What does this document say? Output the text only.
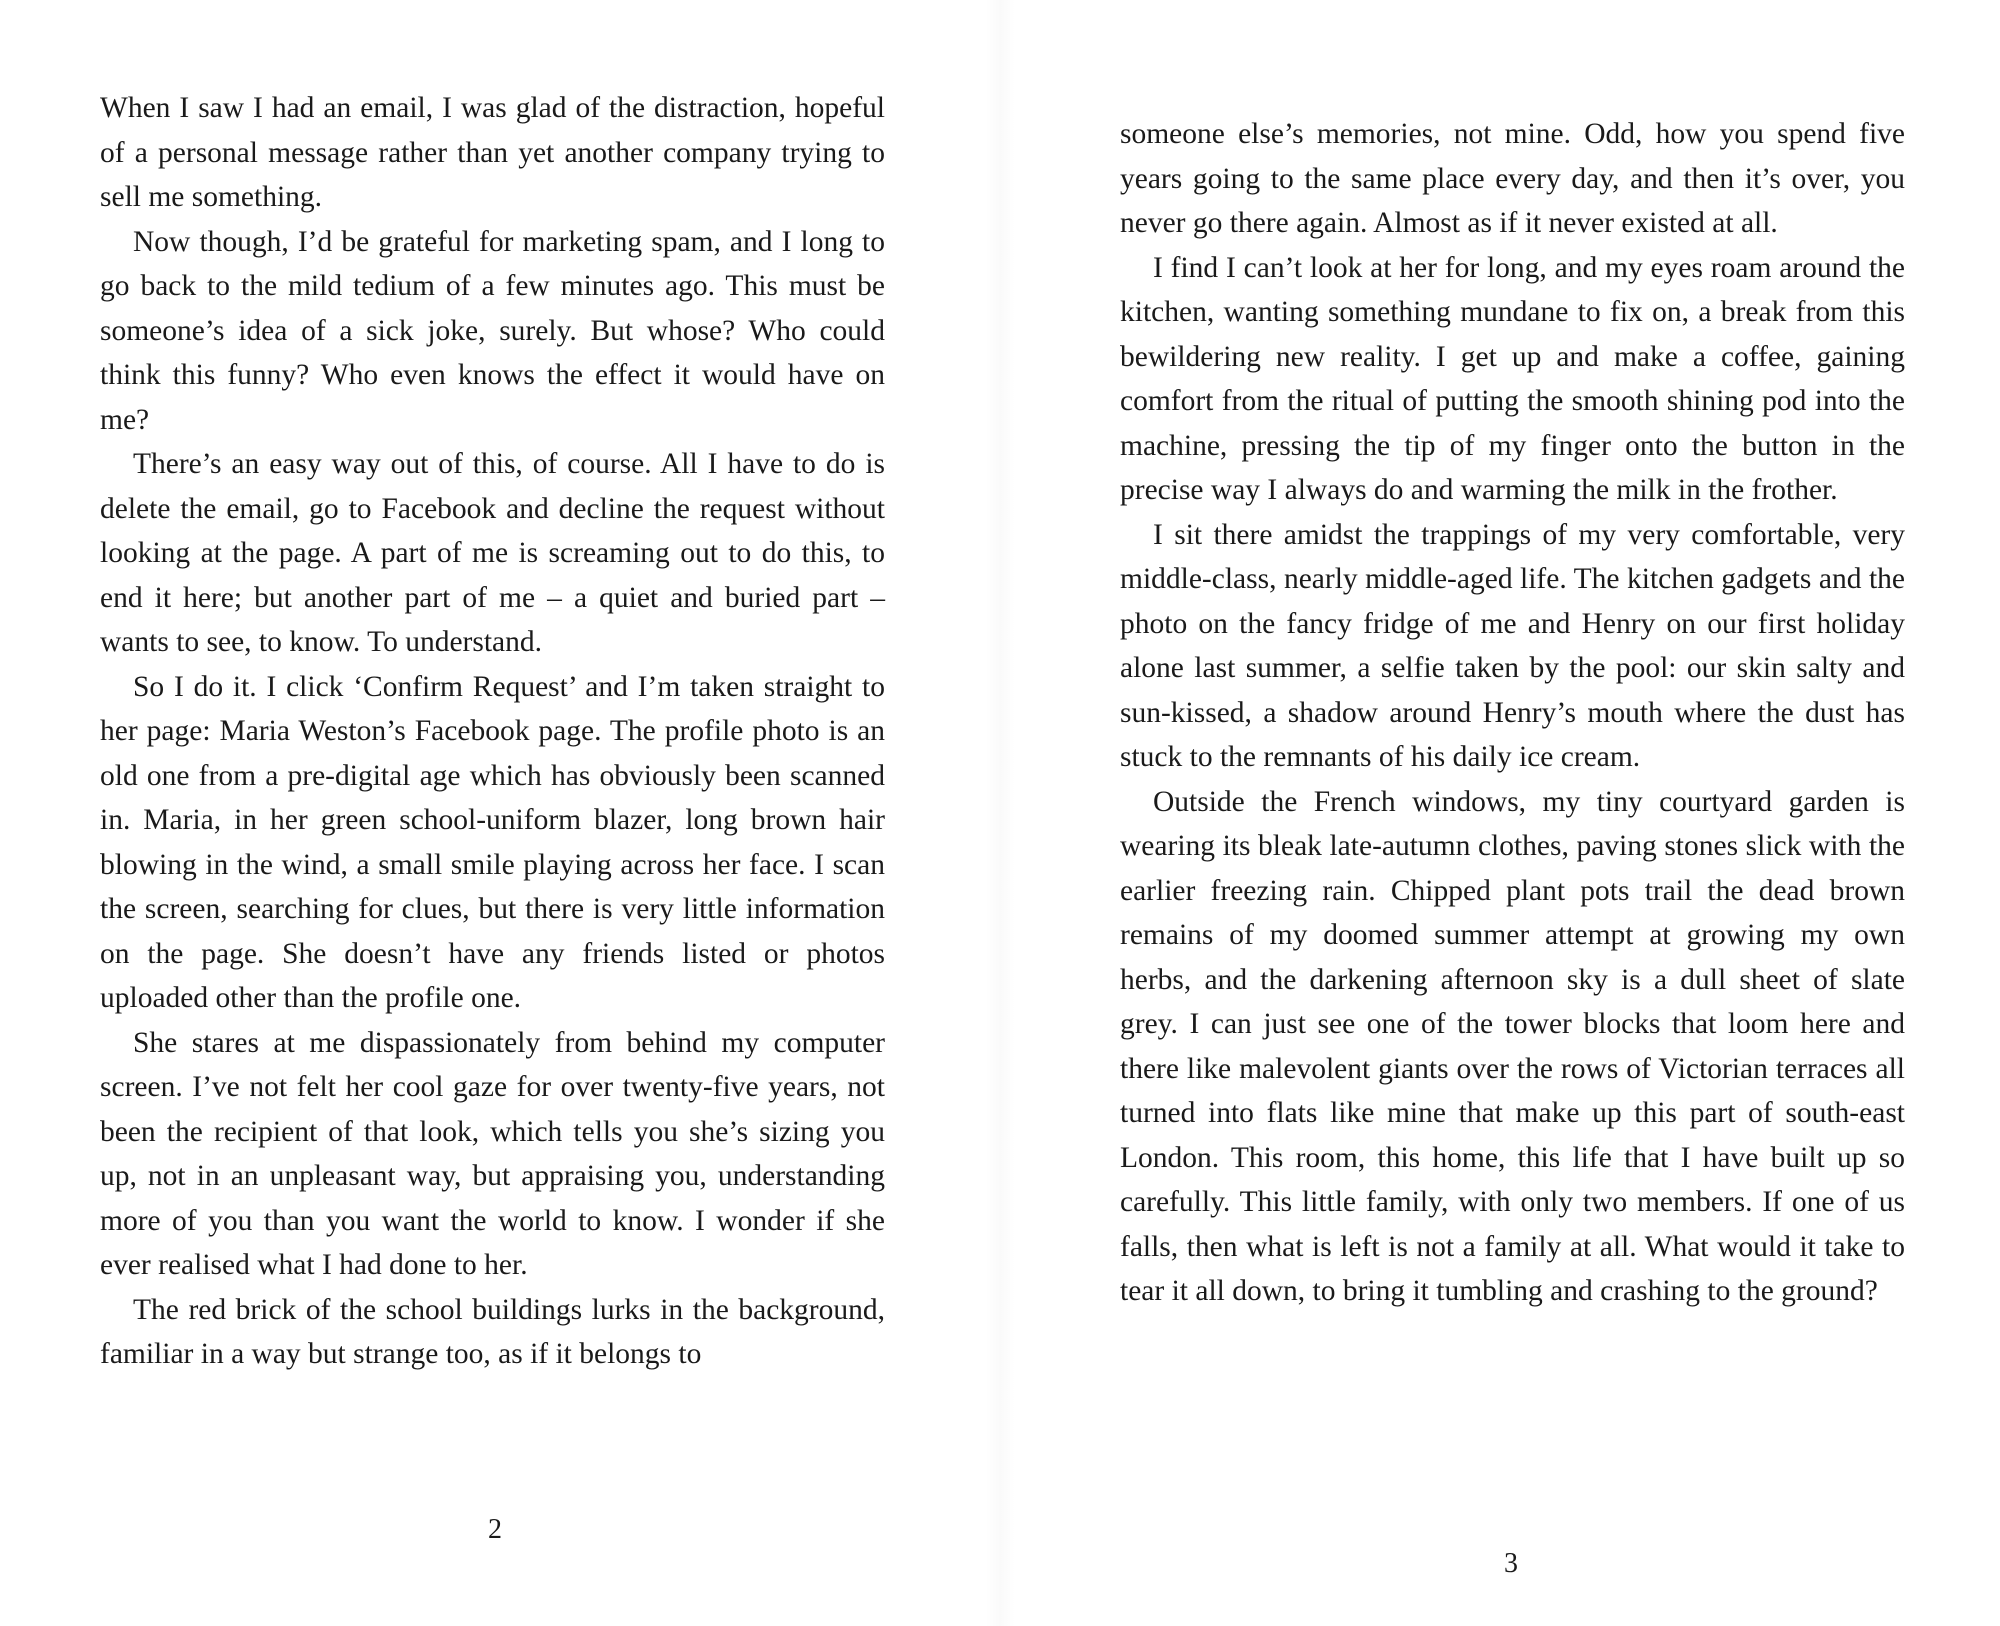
When I saw I had an email, I was glad of the distraction, hopeful of a personal message rather than yet another company trying to sell me something.

Now though, I’d be grateful for marketing spam, and I long to go back to the mild tedium of a few minutes ago. This must be someone’s idea of a sick joke, surely. But whose? Who could think this funny? Who even knows the effect it would have on me?

There’s an easy way out of this, of course. All I have to do is delete the email, go to Facebook and decline the request without looking at the page. A part of me is screaming out to do this, to end it here; but another part of me – a quiet and buried part – wants to see, to know. To understand.

So I do it. I click ‘Confirm Request’ and I’m taken straight to her page: Maria Weston’s Facebook page. The profile photo is an old one from a pre-digital age which has obviously been scanned in. Maria, in her green school-uniform blazer, long brown hair blowing in the wind, a small smile playing across her face. I scan the screen, searching for clues, but there is very little information on the page. She doesn’t have any friends listed or photos uploaded other than the profile one.

She stares at me dispassionately from behind my computer screen. I’ve not felt her cool gaze for over twenty-five years, not been the recipient of that look, which tells you she’s sizing you up, not in an unpleasant way, but appraising you, understanding more of you than you want the world to know. I wonder if she ever realised what I had done to her.

The red brick of the school buildings lurks in the background, familiar in a way but strange too, as if it belongs to

2

someone else’s memories, not mine. Odd, how you spend five years going to the same place every day, and then it’s over, you never go there again. Almost as if it never existed at all.

I find I can’t look at her for long, and my eyes roam around the kitchen, wanting something mundane to fix on, a break from this bewildering new reality. I get up and make a coffee, gaining comfort from the ritual of putting the smooth shining pod into the machine, pressing the tip of my finger onto the button in the precise way I always do and warming the milk in the frother.

I sit there amidst the trappings of my very comfortable, very middle-class, nearly middle-aged life. The kitchen gadgets and the photo on the fancy fridge of me and Henry on our first holiday alone last summer, a selfie taken by the pool: our skin salty and sun-kissed, a shadow around Henry’s mouth where the dust has stuck to the remnants of his daily ice cream.

Outside the French windows, my tiny courtyard garden is wearing its bleak late-autumn clothes, paving stones slick with the earlier freezing rain. Chipped plant pots trail the dead brown remains of my doomed summer attempt at growing my own herbs, and the darkening afternoon sky is a dull sheet of slate grey. I can just see one of the tower blocks that loom here and there like malevolent giants over the rows of Victorian terraces all turned into flats like mine that make up this part of south-east London. This room, this home, this life that I have built up so carefully. This little family, with only two members. If one of us falls, then what is left is not a family at all. What would it take to tear it all down, to bring it tumbling and crashing to the ground?

3
